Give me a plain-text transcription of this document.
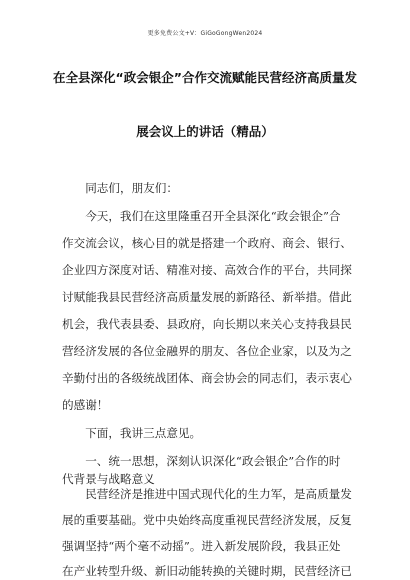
更多免费公文+V：GiGoGongWen2024
在全县深化“政会银企”合作交流赋能民营经济高质量发
展会议上的讲话（精品）
　　同志们，朋友们：
　　今天，我们在这里隆重召开全县深化“政会银企”合
作交流会议，核心目的就是搭建一个政府、商会、银行、
企业四方深度对话、精准对接、高效合作的平台，共同探
讨赋能我县民营经济高质量发展的新路径、新举措。借此
机会，我代表县委、县政府，向长期以来关心支持我县民
营经济发展的各位金融界的朋友、各位企业家，以及为之
辛勤付出的各级统战团体、商会协会的同志们，表示衷心
的感谢！
　　下面，我讲三点意见。
　　一、统一思想，深刻认识深化“政会银企”合作的时
代背景与战略意义
　　民营经济是推进中国式现代化的生力军，是高质量发
展的重要基础。党中央始终高度重视民营经济发展，反复
强调坚持“两个毫不动摇”。进入新发展阶段，我县正处
在产业转型升级、新旧动能转换的关键时期，民营经济已
